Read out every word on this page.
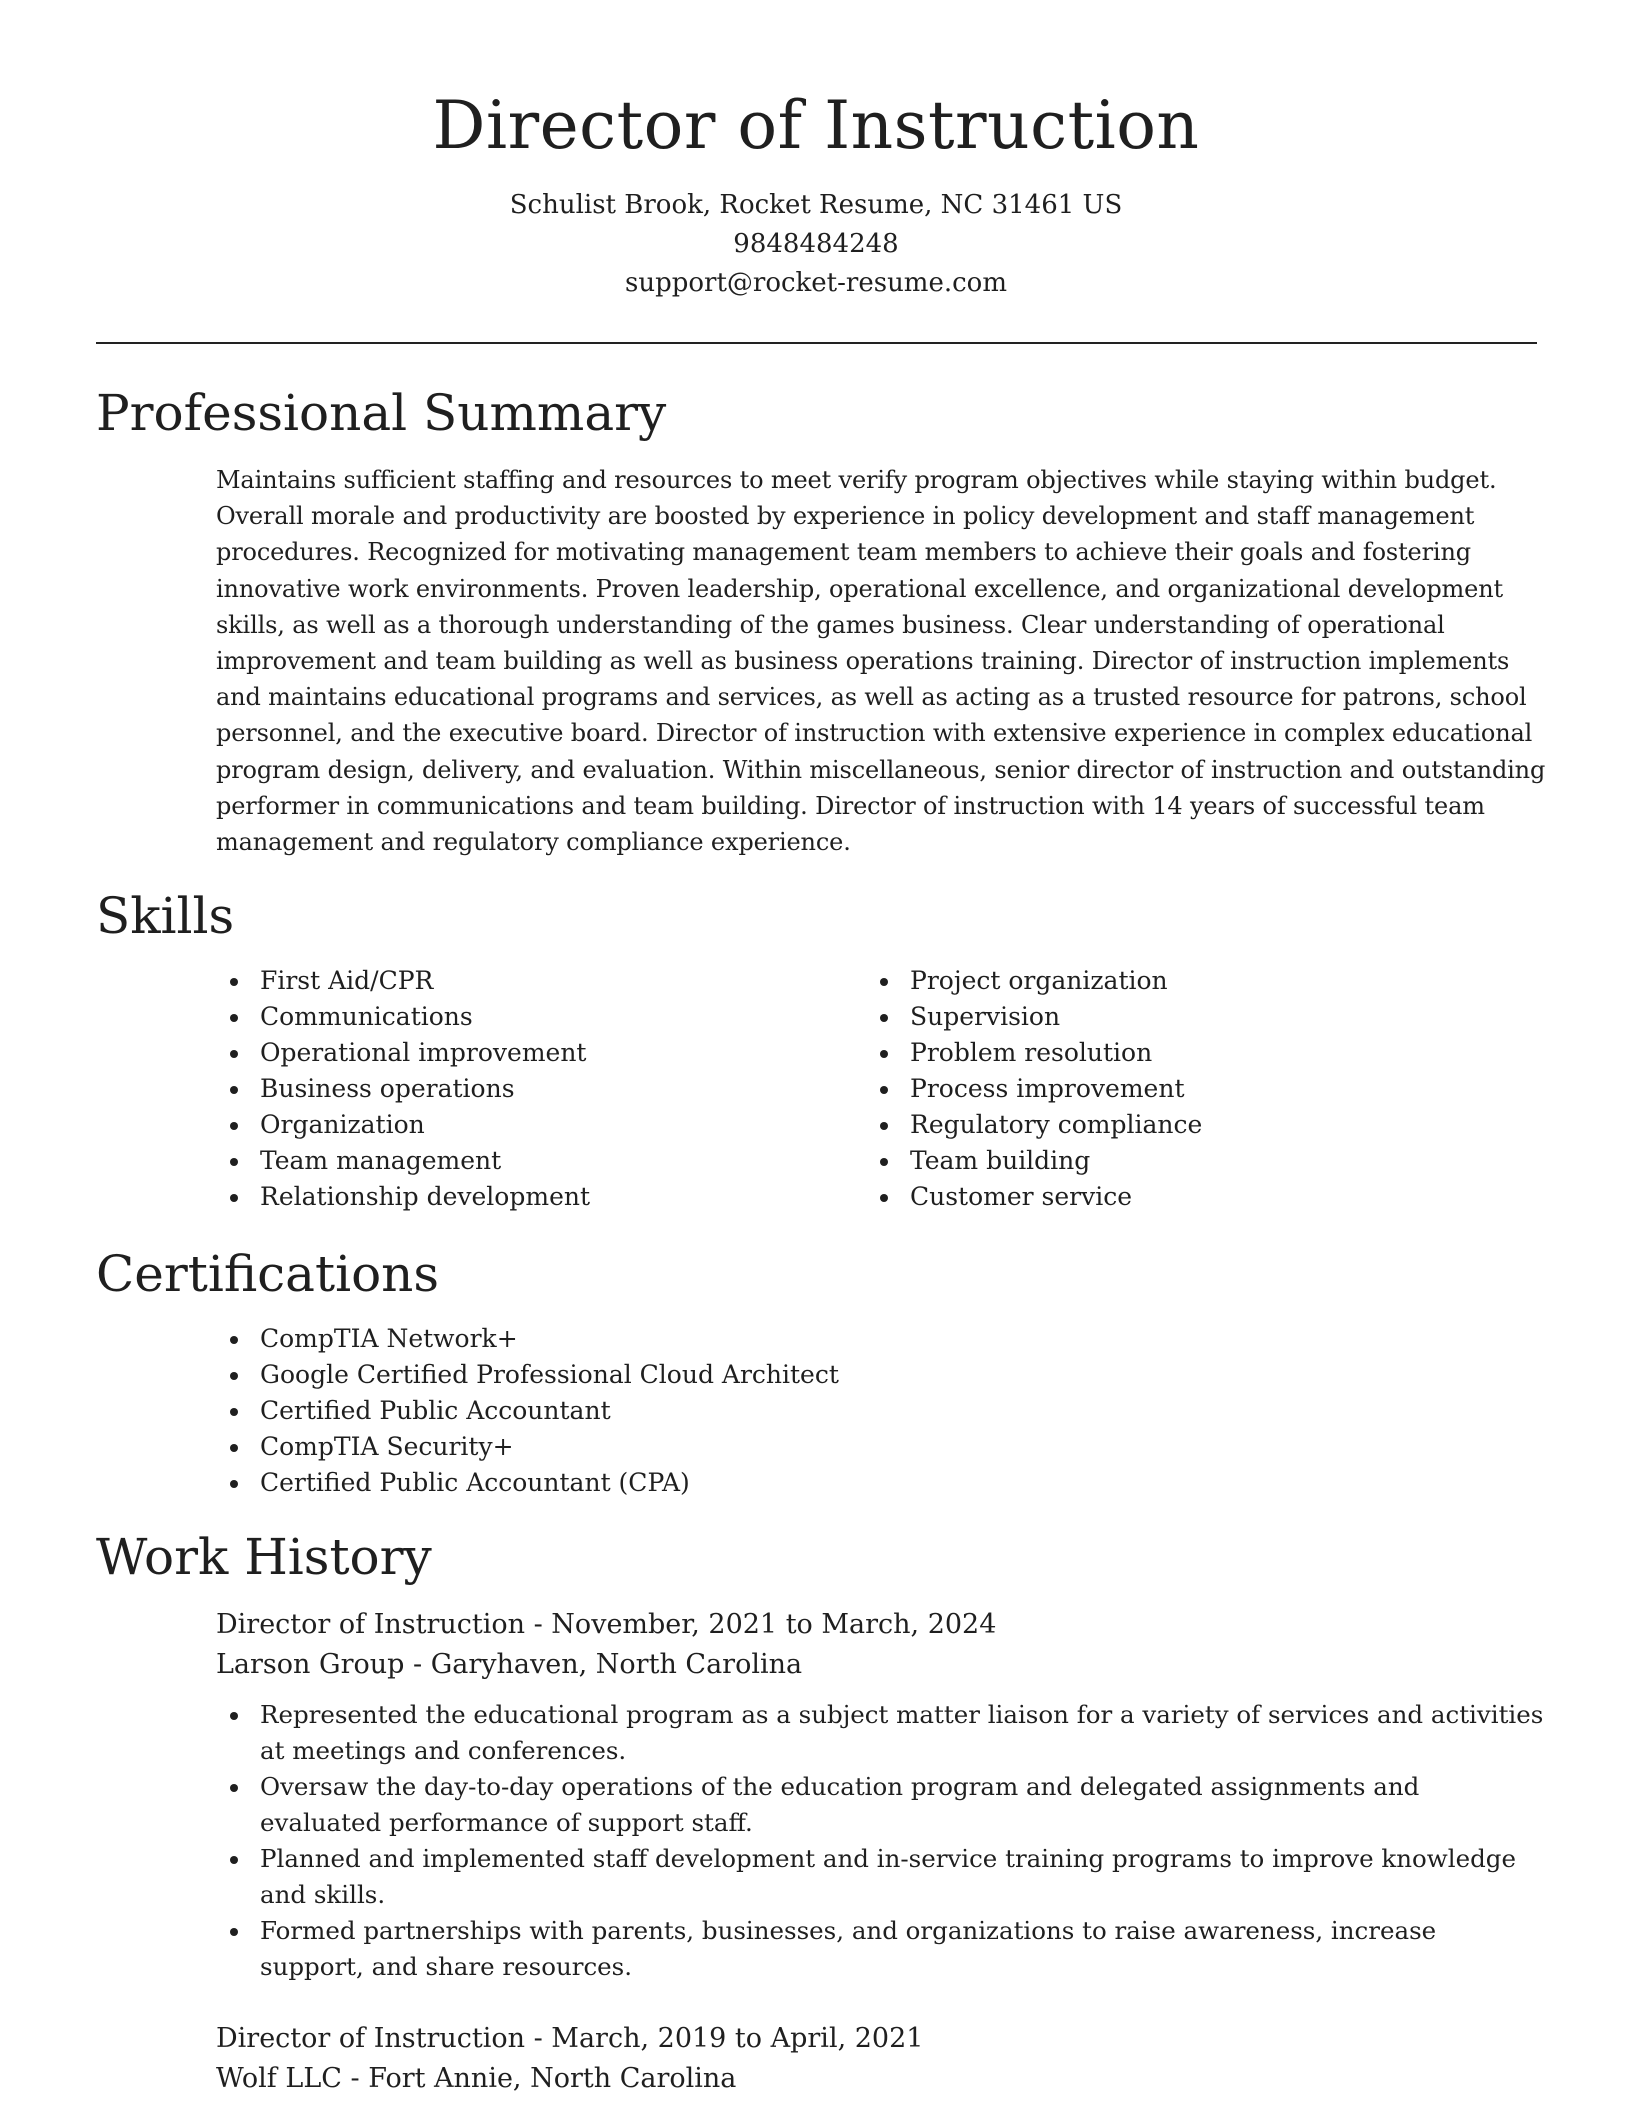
Director of Instruction

Schulist Brook, Rocket Resume, NC 31461 US

9848484248

support@rocket-resume.com

Professional Summary

Maintains sufficient staffing and resources to meet verify program objectives while staying within budget. Overall morale and productivity are boosted by experience in policy development and staff management procedures. Recognized for motivating management team members to achieve their goals and fostering innovative work environments. Proven leadership, operational excellence, and organizational development skills, as well as a thorough understanding of the games business. Clear understanding of operational improvement and team building as well as business operations training. Director of instruction implements and maintains educational programs and services, as well as acting as a trusted resource for patrons, school personnel, and the executive board. Director of instruction with extensive experience in complex educational program design, delivery, and evaluation. Within miscellaneous, senior director of instruction and outstanding performer in communications and team building. Director of instruction with 14 years of successful team management and regulatory compliance experience.

Skills
First Aid/CPR
Communications
Operational improvement
Business operations
Organization
Team management
Relationship development
Project organization
Supervision
Problem resolution
Process improvement
Regulatory compliance
Team building
Customer service
Certifications
CompTIA Network+
Google Certified Professional Cloud Architect
Certified Public Accountant
CompTIA Security+
Certified Public Accountant (CPA)
Work History

Director of Instruction - November, 2021 to March, 2024

Larson Group - Garyhaven, North Carolina

Represented the educational program as a subject matter liaison for a variety of services and activities at meetings and conferences.
Oversaw the day-to-day operations of the education program and delegated assignments and evaluated performance of support staff.
Planned and implemented staff development and in-service training programs to improve knowledge and skills.
Formed partnerships with parents, businesses, and organizations to raise awareness, increase support, and share resources.

Director of Instruction - March, 2019 to April, 2021

Wolf LLC - Fort Annie, North Carolina
